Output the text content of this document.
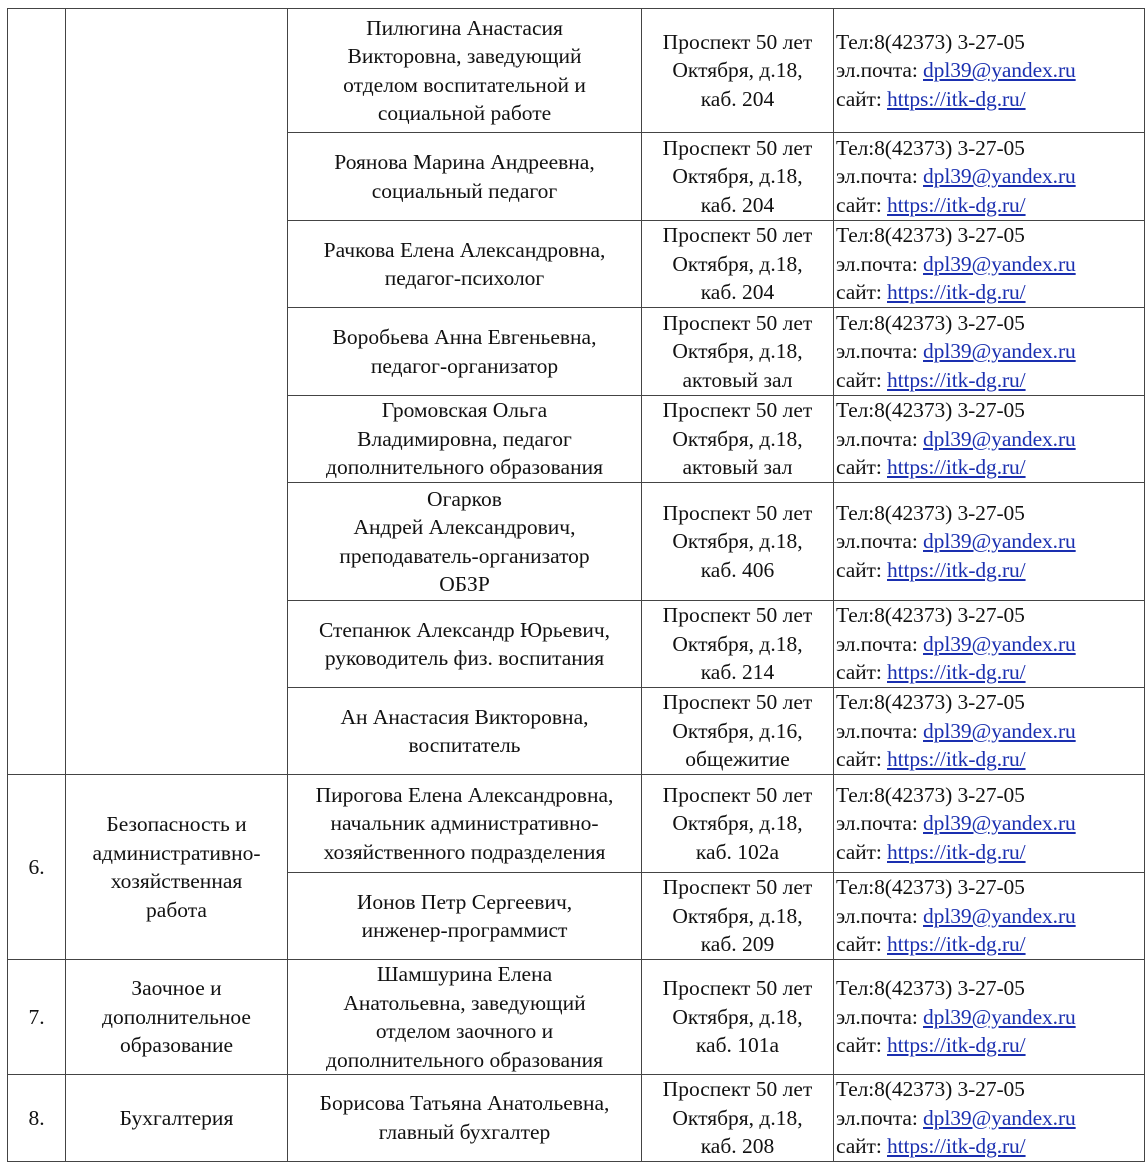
		Пилюгина Анастасия
Викторовна, заведующий
отделом воспитательной и
социальной работе	Проспект 50 лет
Октября, д.18,
каб. 204	Тел:8(42373) 3-27-05
эл.почта: dpl39@yandex.ru
сайт: https://itk-dg.ru/

		Роянова Марина Андреевна,
социальный педагог	Проспект 50 лет
Октября, д.18,
каб. 204	Тел:8(42373) 3-27-05
эл.почта: dpl39@yandex.ru
сайт: https://itk-dg.ru/

		Рачкова Елена Александровна,
педагог-психолог	Проспект 50 лет
Октября, д.18,
каб. 204	Тел:8(42373) 3-27-05
эл.почта: dpl39@yandex.ru
сайт: https://itk-dg.ru/

		Воробьева Анна Евгеньевна,
педагог-организатор	Проспект 50 лет
Октября, д.18,
актовый зал	Тел:8(42373) 3-27-05
эл.почта: dpl39@yandex.ru
сайт: https://itk-dg.ru/

		Громовская Ольга
Владимировна, педагог
дополнительного образования	Проспект 50 лет
Октября, д.18,
актовый зал	Тел:8(42373) 3-27-05
эл.почта: dpl39@yandex.ru
сайт: https://itk-dg.ru/

		Огарков
Андрей Александрович,
преподаватель-организатор
ОБЗР	Проспект 50 лет
Октября, д.18,
каб. 406	Тел:8(42373) 3-27-05
эл.почта: dpl39@yandex.ru
сайт: https://itk-dg.ru/

		Степанюк Александр Юрьевич,
руководитель физ. воспитания	Проспект 50 лет
Октября, д.18,
каб. 214	Тел:8(42373) 3-27-05
эл.почта: dpl39@yandex.ru
сайт: https://itk-dg.ru/

		Ан Анастасия Викторовна,
воспитатель	Проспект 50 лет
Октября, д.16,
общежитие	Тел:8(42373) 3-27-05
эл.почта: dpl39@yandex.ru
сайт: https://itk-dg.ru/

6.	Безопасность и
административно-
хозяйственная
работа	Пирогова Елена Александровна,
начальник административно-
хозяйственного подразделения	Проспект 50 лет
Октября, д.18,
каб. 102а	Тел:8(42373) 3-27-05
эл.почта: dpl39@yandex.ru
сайт: https://itk-dg.ru/

		Ионов Петр Сергеевич,
инженер-программист	Проспект 50 лет
Октября, д.18,
каб. 209	Тел:8(42373) 3-27-05
эл.почта: dpl39@yandex.ru
сайт: https://itk-dg.ru/

7.	Заочное и
дополнительное
образование	Шамшурина Елена
Анатольевна, заведующий
отделом заочного и
дополнительного образования	Проспект 50 лет
Октября, д.18,
каб. 101а	Тел:8(42373) 3-27-05
эл.почта: dpl39@yandex.ru
сайт: https://itk-dg.ru/

8.	Бухгалтерия	Борисова Татьяна Анатольевна,
главный бухгалтер	Проспект 50 лет
Октября, д.18,
каб. 208	Тел:8(42373) 3-27-05
эл.почта: dpl39@yandex.ru
сайт: https://itk-dg.ru/
